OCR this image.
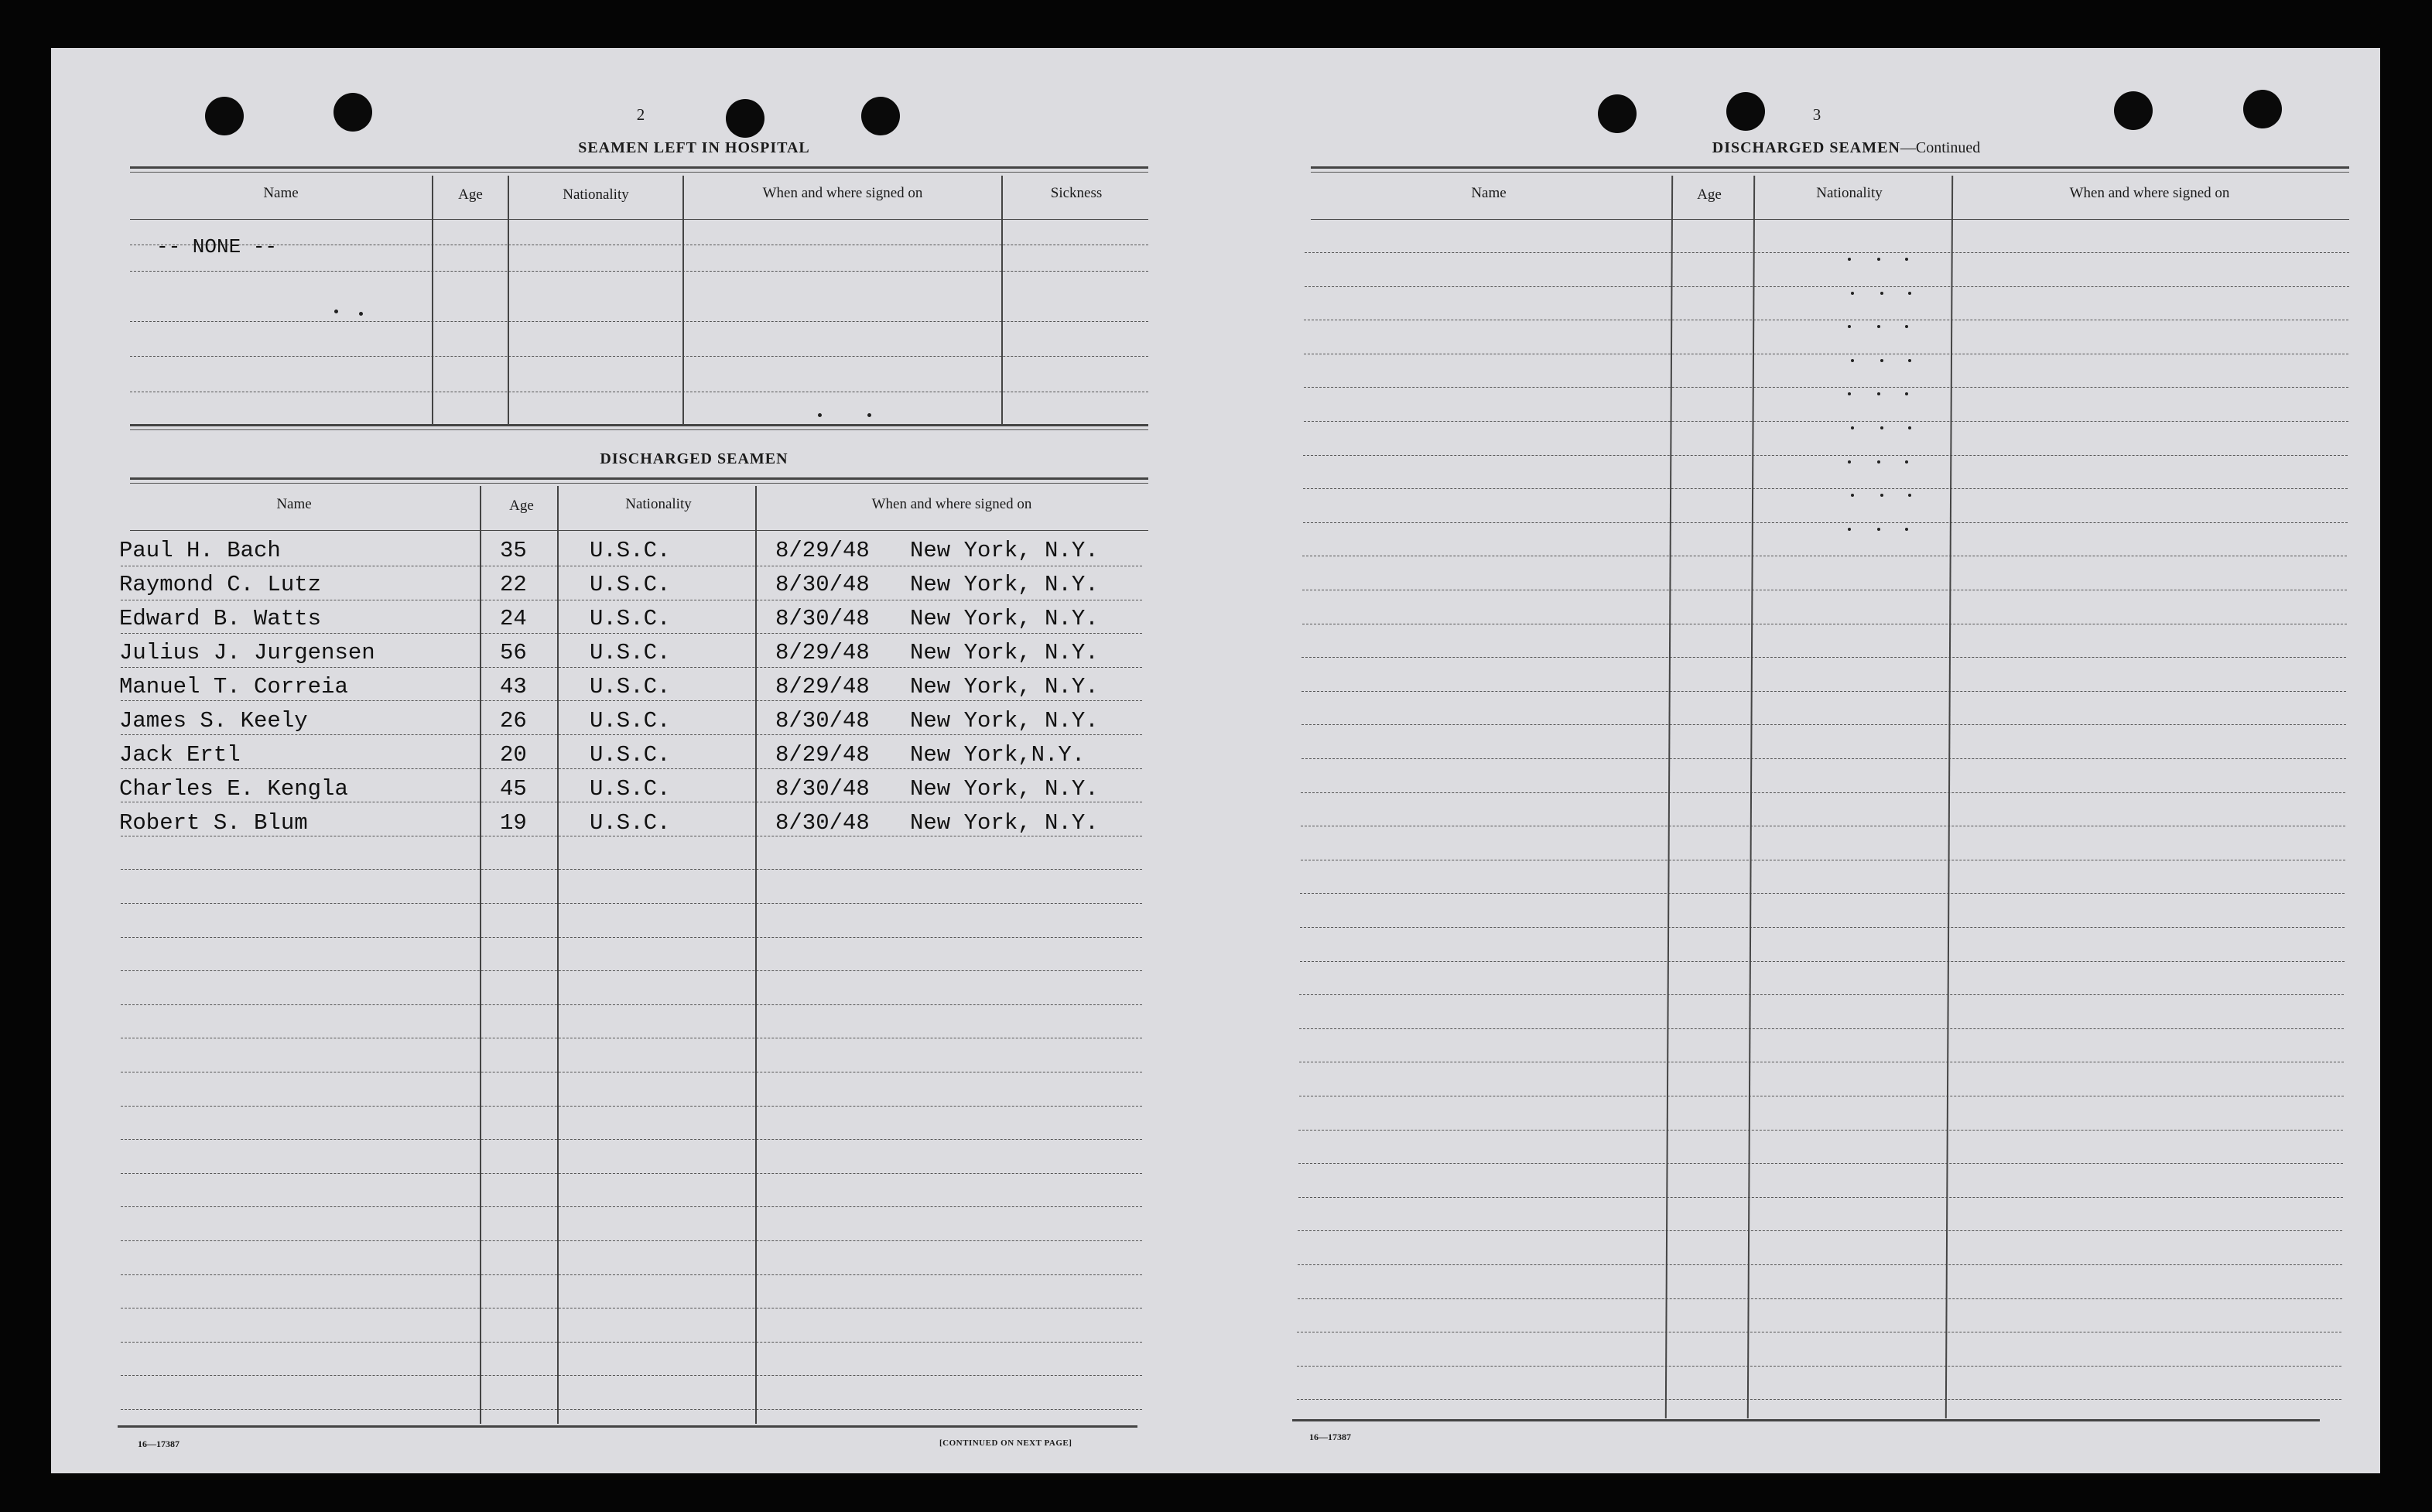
2
SEAMEN LEFT IN HOSPITAL
Name	Age	Nationality	When and where signed on	Sickness
-- NONE --
DISCHARGED SEAMEN
Name	Age	Nationality	When and where signed on
Paul H. Bach	35	U.S.C.	8/29/48 New York, N.Y.
Raymond C. Lutz	22	U.S.C.	8/30/48 New York, N.Y.
Edward B. Watts	24	U.S.C.	8/30/48 New York, N.Y.
Julius J. Jurgensen	56	U.S.C.	8/29/48 New York, N.Y.
Manuel T. Correia	43	U.S.C.	8/29/48 New York, N.Y.
James S. Keely	26	U.S.C.	8/30/48 New York, N.Y.
Jack Ertl	20	U.S.C.	8/29/48 New York,N.Y.
Charles E. Kengla	45	U.S.C.	8/30/48 New York, N.Y.
Robert S. Blum	19	U.S.C.	8/30/48 New York, N.Y.
16—17387	[CONTINUED ON NEXT PAGE]
3
DISCHARGED SEAMEN—Continued
Name	Age	Nationality	When and where signed on
16—17387
